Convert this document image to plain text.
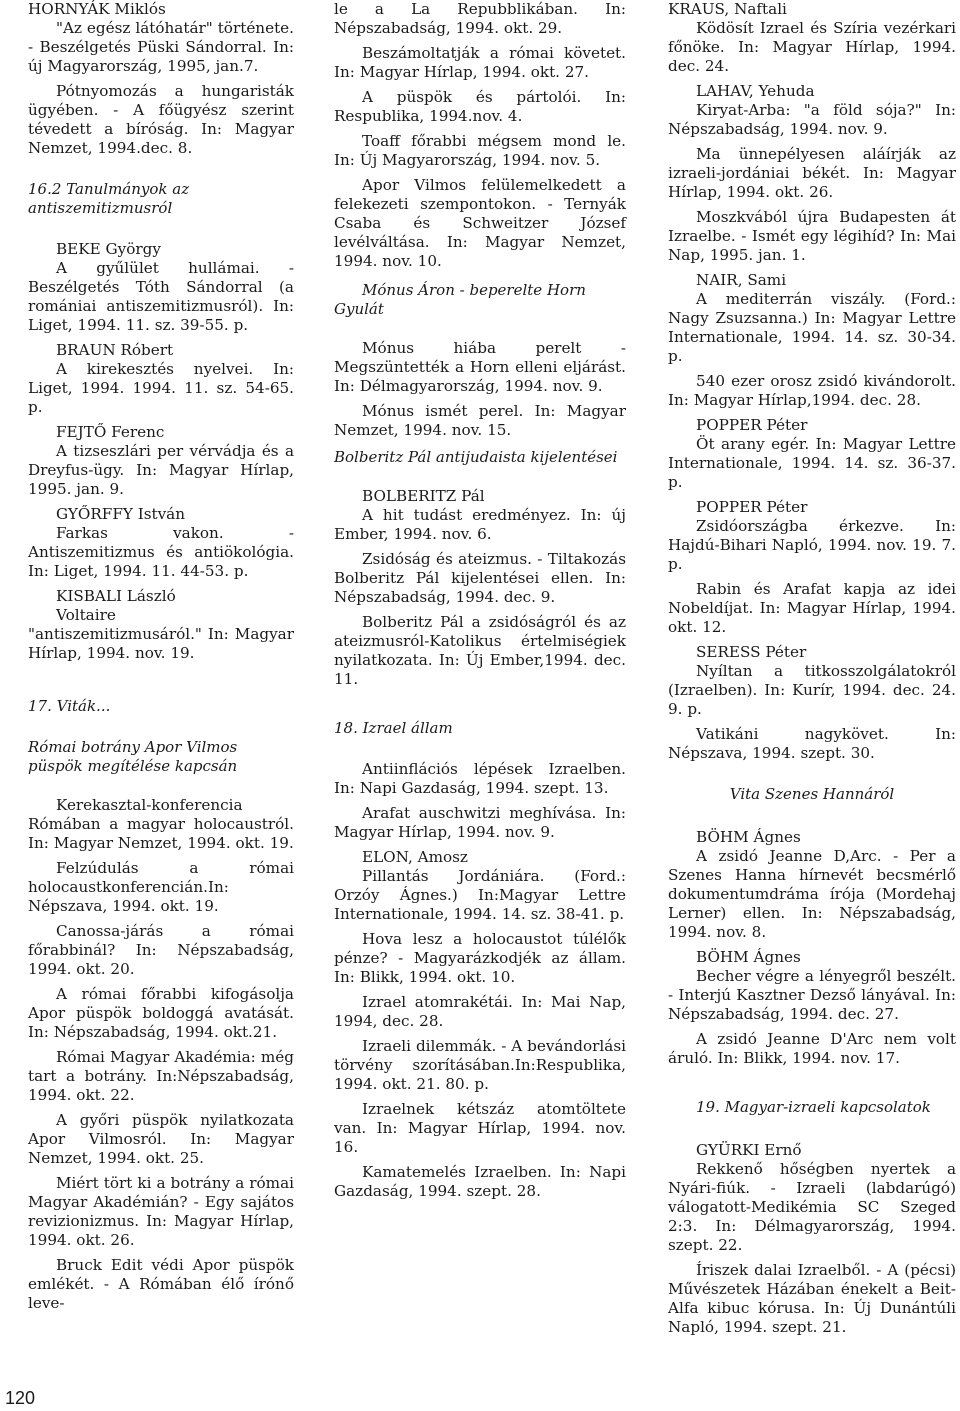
HORNYÁK Miklós
"Az egész látóhatár" története. - Beszélgetés Püski Sándorral. In: új Magyarország, 1995, jan.7.
Pótnyomozás a hungaristák ügyében. - A főügyész szerint tévedett a bíróság. In: Magyar Nemzet, 1994.dec. 8.
16.2 Tanulmányok az antiszemitizmusról
BEKE György
A gyűlület hullámai. - Beszélgetés Tóth Sándorral (a romániai antiszemitizmusról). In: Liget, 1994. 11. sz. 39-55. p.
BRAUN Róbert
A kirekesztés nyelvei. In: Liget, 1994. 1994. 11. sz. 54-65. p.
FEJTŐ Ferenc
A tizseszlári per vérvádja és a Dreyfus-ügy. In: Magyar Hírlap, 1995. jan. 9.
GYŐRFFY István
Farkas vakon. - Antiszemitizmus és antiökológia. In: Liget, 1994. 11. 44-53. p.
KISBALI László
Voltaire "antiszemitizmusáról." In: Magyar Hírlap, 1994. nov. 19.
17. Viták...
Római botrány Apor Vilmos püspök megítélése kapcsán
Kerekasztal-konferencia Rómában a magyar holocaustról. In: Magyar Nemzet, 1994. okt. 19.
Felzúdulás a római holocaustkonferencián.In: Népszava, 1994. okt. 19.
Canossa-járás a római főrabbinál? In: Népszabadság, 1994. okt. 20.
A római főrabbi kifogásolja Apor püspök boldoggá avatását. In: Népszabadság, 1994. okt.21.
Római Magyar Akadémia: még tart a botrány. In:Népszabadság, 1994. okt. 22.
A győri püspök nyilatkozata Apor Vilmosról. In: Magyar Nemzet, 1994. okt. 25.
Miért tört ki a botrány a római Magyar Akadémián? - Egy sajátos revizionizmus. In: Magyar Hírlap, 1994. okt. 26.
Bruck Edit védi Apor püspök emlékét. - A Rómában élő írónő leve-
le a La Repubblikában. In: Népszabadság, 1994. okt. 29.
Beszámoltatják a római követet. In: Magyar Hírlap, 1994. okt. 27.
A püspök és pártolói. In: Respublika, 1994.nov. 4.
Toaff főrabbi mégsem mond le. In: Új Magyarország, 1994. nov. 5.
Apor Vilmos felülemelkedett a felekezeti szempontokon. - Ternyák Csaba és Schweitzer József levélváltása. In: Magyar Nemzet, 1994. nov. 10.
Mónus Áron - beperelte Horn Gyulát
Mónus hiába perelt - Megszüntették a Horn elleni eljárást. In: Délmagyarország, 1994. nov. 9.
Mónus ismét perel. In: Magyar Nemzet, 1994. nov. 15.
Bolberitz Pál antijudaista kijelentései
BOLBERITZ Pál
A hit tudást eredményez. In: új Ember, 1994. nov. 6.
Zsidóság és ateizmus. - Tiltakozás Bolberitz Pál kijelentései ellen. In: Népszabadság, 1994. dec. 9.
Bolberitz Pál a zsidóságról és az ateizmusról-Katolikus értelmiségiek nyilatkozata. In: Új Ember,1994. dec. 11.
18. Izrael állam
Antiinflációs lépések Izraelben. In: Napi Gazdaság, 1994. szept. 13.
Arafat auschwitzi meghívása. In: Magyar Hírlap, 1994. nov. 9.
ELON, Amosz
Pillantás Jordániára. (Ford.: Orzóy Ágnes.) In:Magyar Lettre Internationale, 1994. 14. sz. 38-41. p.
Hova lesz a holocaustot túlélők pénze? - Magyarázkodjék az állam. In: Blikk, 1994. okt. 10.
Izrael atomrakétái. In: Mai Nap, 1994, dec. 28.
Izraeli dilemmák. - A bevándorlási törvény szorításában.In:Respublika, 1994. okt. 21. 80. p.
Izraelnek kétszáz atomtöltete van. In: Magyar Hírlap, 1994. nov. 16.
Kamatemelés Izraelben. In: Napi Gazdaság, 1994. szept. 28.
KRAUS, Naftali
Ködösít Izrael és Szíria vezérkari főnöke. In: Magyar Hírlap, 1994. dec. 24.
LAHAV, Yehuda
Kiryat-Arba: "a föld sója?" In: Népszabadság, 1994. nov. 9.
Ma ünnepélyesen aláírják az izraeli-jordániai békét. In: Magyar Hírlap, 1994. okt. 26.
Moszkvából újra Budapesten át Izraelbe. - Ismét egy légihíd? In: Mai Nap, 1995. jan. 1.
NAIR, Sami
A mediterrán viszály. (Ford.: Nagy Zsuzsanna.) In: Magyar Lettre Internationale, 1994. 14. sz. 30-34. p.
540 ezer orosz zsidó kivándorolt. In: Magyar Hírlap,1994. dec. 28.
POPPER Péter
Öt arany egér. In: Magyar Lettre Internationale, 1994. 14. sz. 36-37. p.
POPPER Péter
Zsidóországba érkezve. In: Hajdú-Bihari Napló, 1994. nov. 19. 7. p.
Rabin és Arafat kapja az idei Nobeldíjat. In: Magyar Hírlap, 1994. okt. 12.
SERESS Péter
Nyíltan a titkosszolgálatokról (Izraelben). In: Kurír, 1994. dec. 24. 9. p.
Vatikáni nagykövet. In: Népszava, 1994. szept. 30.
Vita Szenes Hannáról
BÖHM Ágnes
A zsidó Jeanne D,Arc. - Per a Szenes Hanna hírnevét becsmérlő dokumentumdráma írója (Mordehaj Lerner) ellen. In: Népszabadság, 1994. nov. 8.
BÖHM Ágnes
Becher végre a lényegről beszélt. - Interjú Kasztner Dezső lányával. In: Népszabadság, 1994. dec. 27.
A zsidó Jeanne D'Arc nem volt áruló. In: Blikk, 1994. nov. 17.
19. Magyar-izraeli kapcsolatok
GYÜRKI Ernő
Rekkenő hőségben nyertek a Nyári-fiúk. - Izraeli (labdarúgó) válogatott-Medikémia SC Szeged 2:3. In: Délmagyarország, 1994. szept. 22.
Íriszek dalai Izraelből. - A (pécsi) Művészetek Házában énekelt a Beit-Alfa kibuc kórusa. In: Új Dunántúli Napló, 1994. szept. 21.
120
